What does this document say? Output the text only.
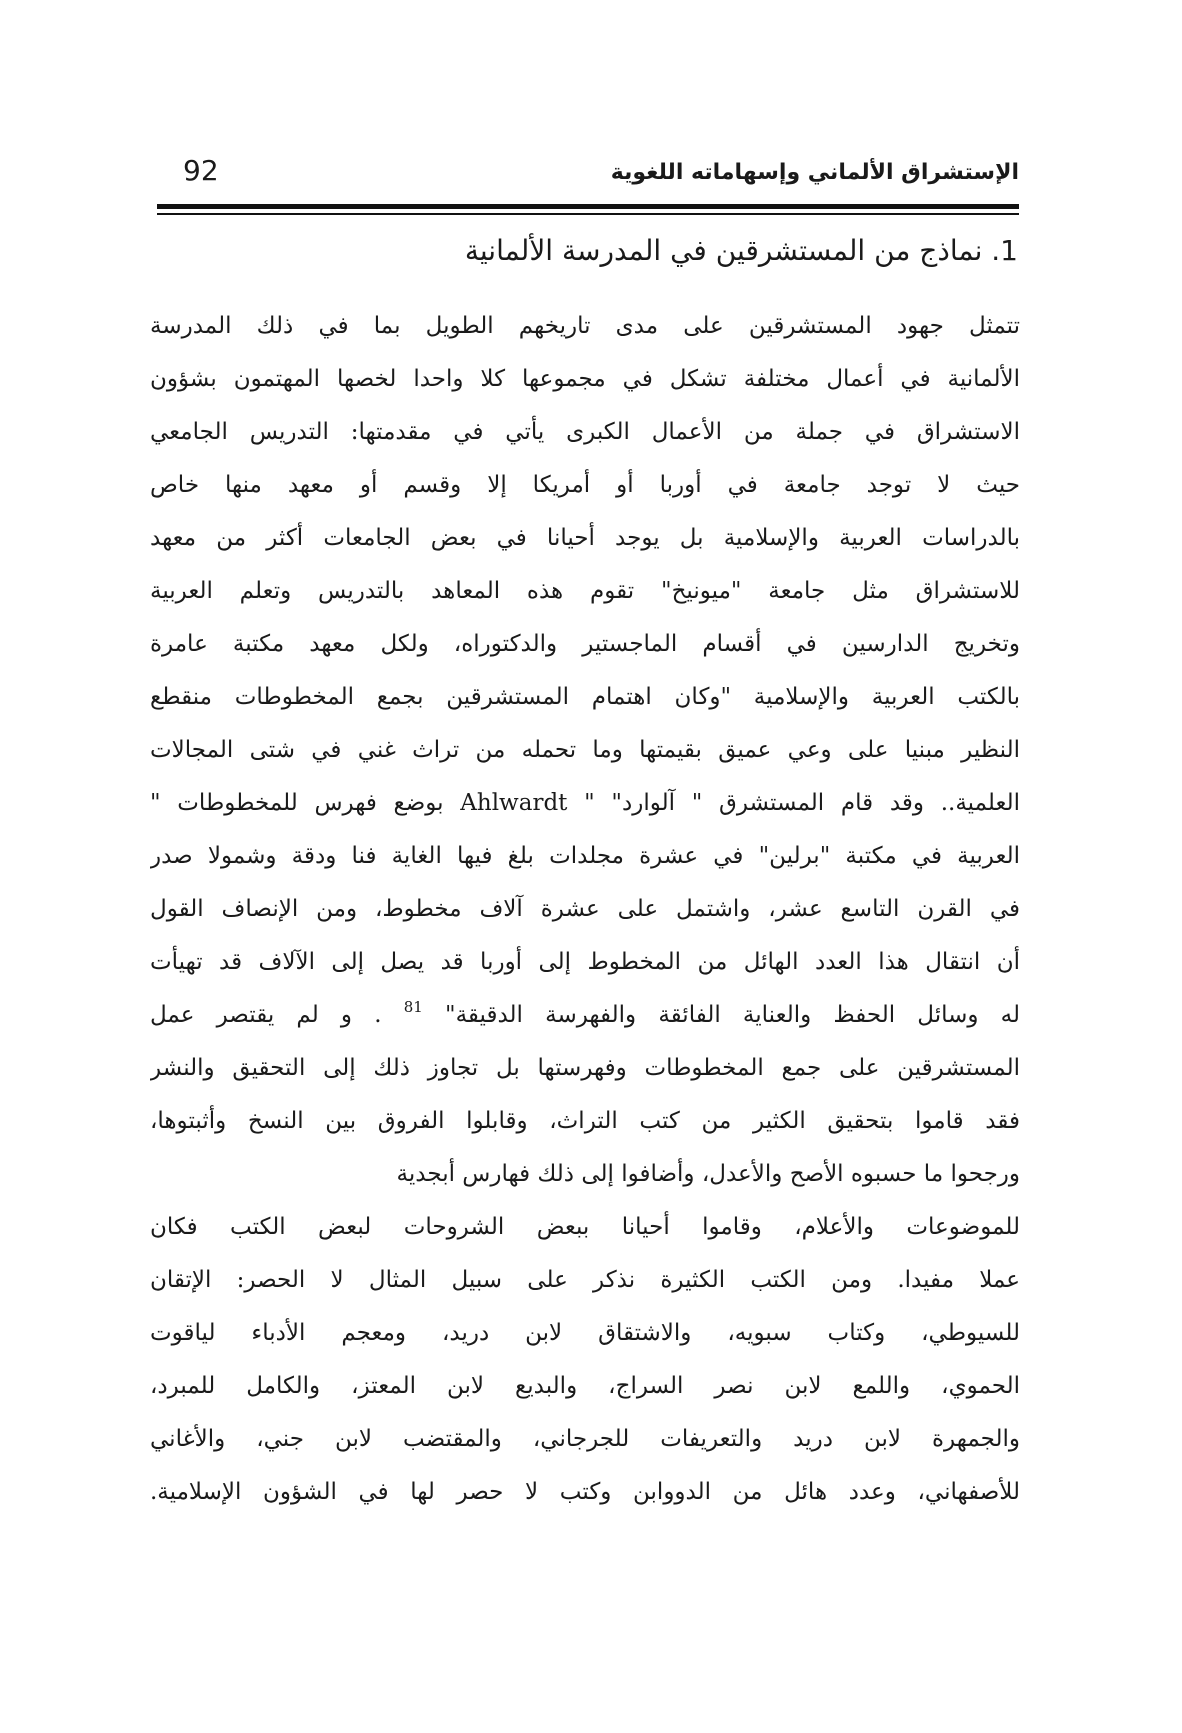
الإستشراق الألماني وإسهاماته اللغوية
92
1. نماذج من المستشرقين في المدرسة الألمانية
تتمثل جهود المستشرقين على مدى تاريخهم الطويل بما في ذلك المدرسة
الألمانية في أعمال مختلفة تشكل في مجموعها كلا واحدا لخصها المهتمون بشؤون
الاستشراق في جملة من الأعمال الكبرى يأتي في مقدمتها: التدريس الجامعي
حيث لا توجد جامعة في أوربا أو أمريكا إلا وقسم أو معهد منها خاص
بالدراسات العربية والإسلامية بل يوجد أحيانا في بعض الجامعات أكثر من معهد
للاستشراق مثل جامعة "ميونيخ" تقوم هذه المعاهد بالتدريس وتعلم العربية
وتخريج الدارسين في أقسام الماجستير والدكتوراه، ولكل معهد مكتبة عامرة
بالكتب العربية والإسلامية "وكان اهتمام المستشرقين بجمع المخطوطات منقطع
النظير مبنيا على وعي عميق بقيمتها وما تحمله من تراث غني في شتى المجالات
العلمية.. وقد قام المستشرق " آلوارد" " Ahlwardt بوضع فهرس للمخطوطات "
العربية في مكتبة "برلين" في عشرة مجلدات بلغ فيها الغاية فنا ودقة وشمولا صدر
في القرن التاسع عشر، واشتمل على عشرة آلاف مخطوط، ومن الإنصاف القول
أن انتقال هذا العدد الهائل من المخطوط إلى أوربا قد يصل إلى الآلاف قد تهيأت
له وسائل الحفظ والعناية الفائقة والفهرسة الدقيقة" $^{81}$ . و لم يقتصر عمل
المستشرقين على جمع المخطوطات وفهرستها بل تجاوز ذلك إلى التحقيق والنشر
فقد قاموا بتحقيق الكثير من كتب التراث، وقابلوا الفروق بين النسخ وأثبتوها،
ورجحوا ما حسبوه الأصح والأعدل، وأضافوا إلى ذلك فهارس أبجدية
للموضوعات والأعلام، وقاموا أحيانا ببعض الشروحات لبعض الكتب فكان
عملا مفيدا. ومن الكتب الكثيرة نذكر على سبيل المثال لا الحصر: الإتقان
للسيوطي، وكتاب سبويه، والاشتقاق لابن دريد، ومعجم الأدباء لياقوت
الحموي، واللمع لابن نصر السراج، والبديع لابن المعتز، والكامل للمبرد،
والجمهرة لابن دريد والتعريفات للجرجاني، والمقتضب لابن جني، والأغاني
للأصفهاني، وعدد هائل من الدووابن وكتب لا حصر لها في الشؤون الإسلامية.
